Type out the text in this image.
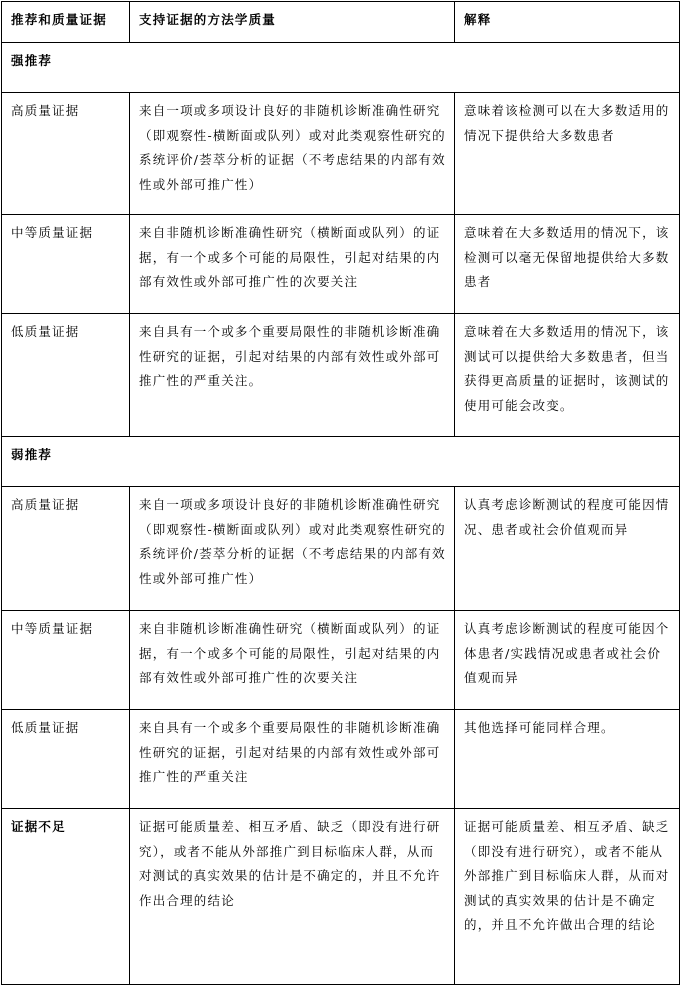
推荐和质量证据	支持证据的方法学质量	解释
强推荐		
高质量证据	来自一项或多项设计良好的非随机诊断准确性研究（即观察性-横断面或队列）或对此类观察性研究的系统评价/荟萃分析的证据（不考虑结果的内部有效性或外部可推广性）	意味着该检测可以在大多数适用的情况下提供给大多数患者
中等质量证据	来自非随机诊断准确性研究（横断面或队列）的证据，有一个或多个可能的局限性，引起对结果的内部有效性或外部可推广性的次要关注	意味着在大多数适用的情况下，该检测可以毫无保留地提供给大多数患者
低质量证据	来自具有一个或多个重要局限性的非随机诊断准确性研究的证据，引起对结果的内部有效性或外部可推广性的严重关注。	意味着在大多数适用的情况下，该测试可以提供给大多数患者，但当获得更高质量的证据时，该测试的使用可能会改变。
弱推荐		
高质量证据	来自一项或多项设计良好的非随机诊断准确性研究（即观察性-横断面或队列）或对此类观察性研究的系统评价/荟萃分析的证据（不考虑结果的内部有效性或外部可推广性）	认真考虑诊断测试的程度可能因情况、患者或社会价值观而异
中等质量证据	来自非随机诊断准确性研究（横断面或队列）的证据，有一个或多个可能的局限性，引起对结果的内部有效性或外部可推广性的次要关注	认真考虑诊断测试的程度可能因个体患者/实践情况或患者或社会价值观而异
低质量证据	来自具有一个或多个重要局限性的非随机诊断准确性研究的证据，引起对结果的内部有效性或外部可推广性的严重关注	其他选择可能同样合理。
证据不足	证据可能质量差、相互矛盾、缺乏（即没有进行研究），或者不能从外部推广到目标临床人群，从而对测试的真实效果的估计是不确定的，并且不允许作出合理的结论	证据可能质量差、相互矛盾、缺乏（即没有进行研究），或者不能从外部推广到目标临床人群，从而对测试的真实效果的估计是不确定的，并且不允许做出合理的结论
